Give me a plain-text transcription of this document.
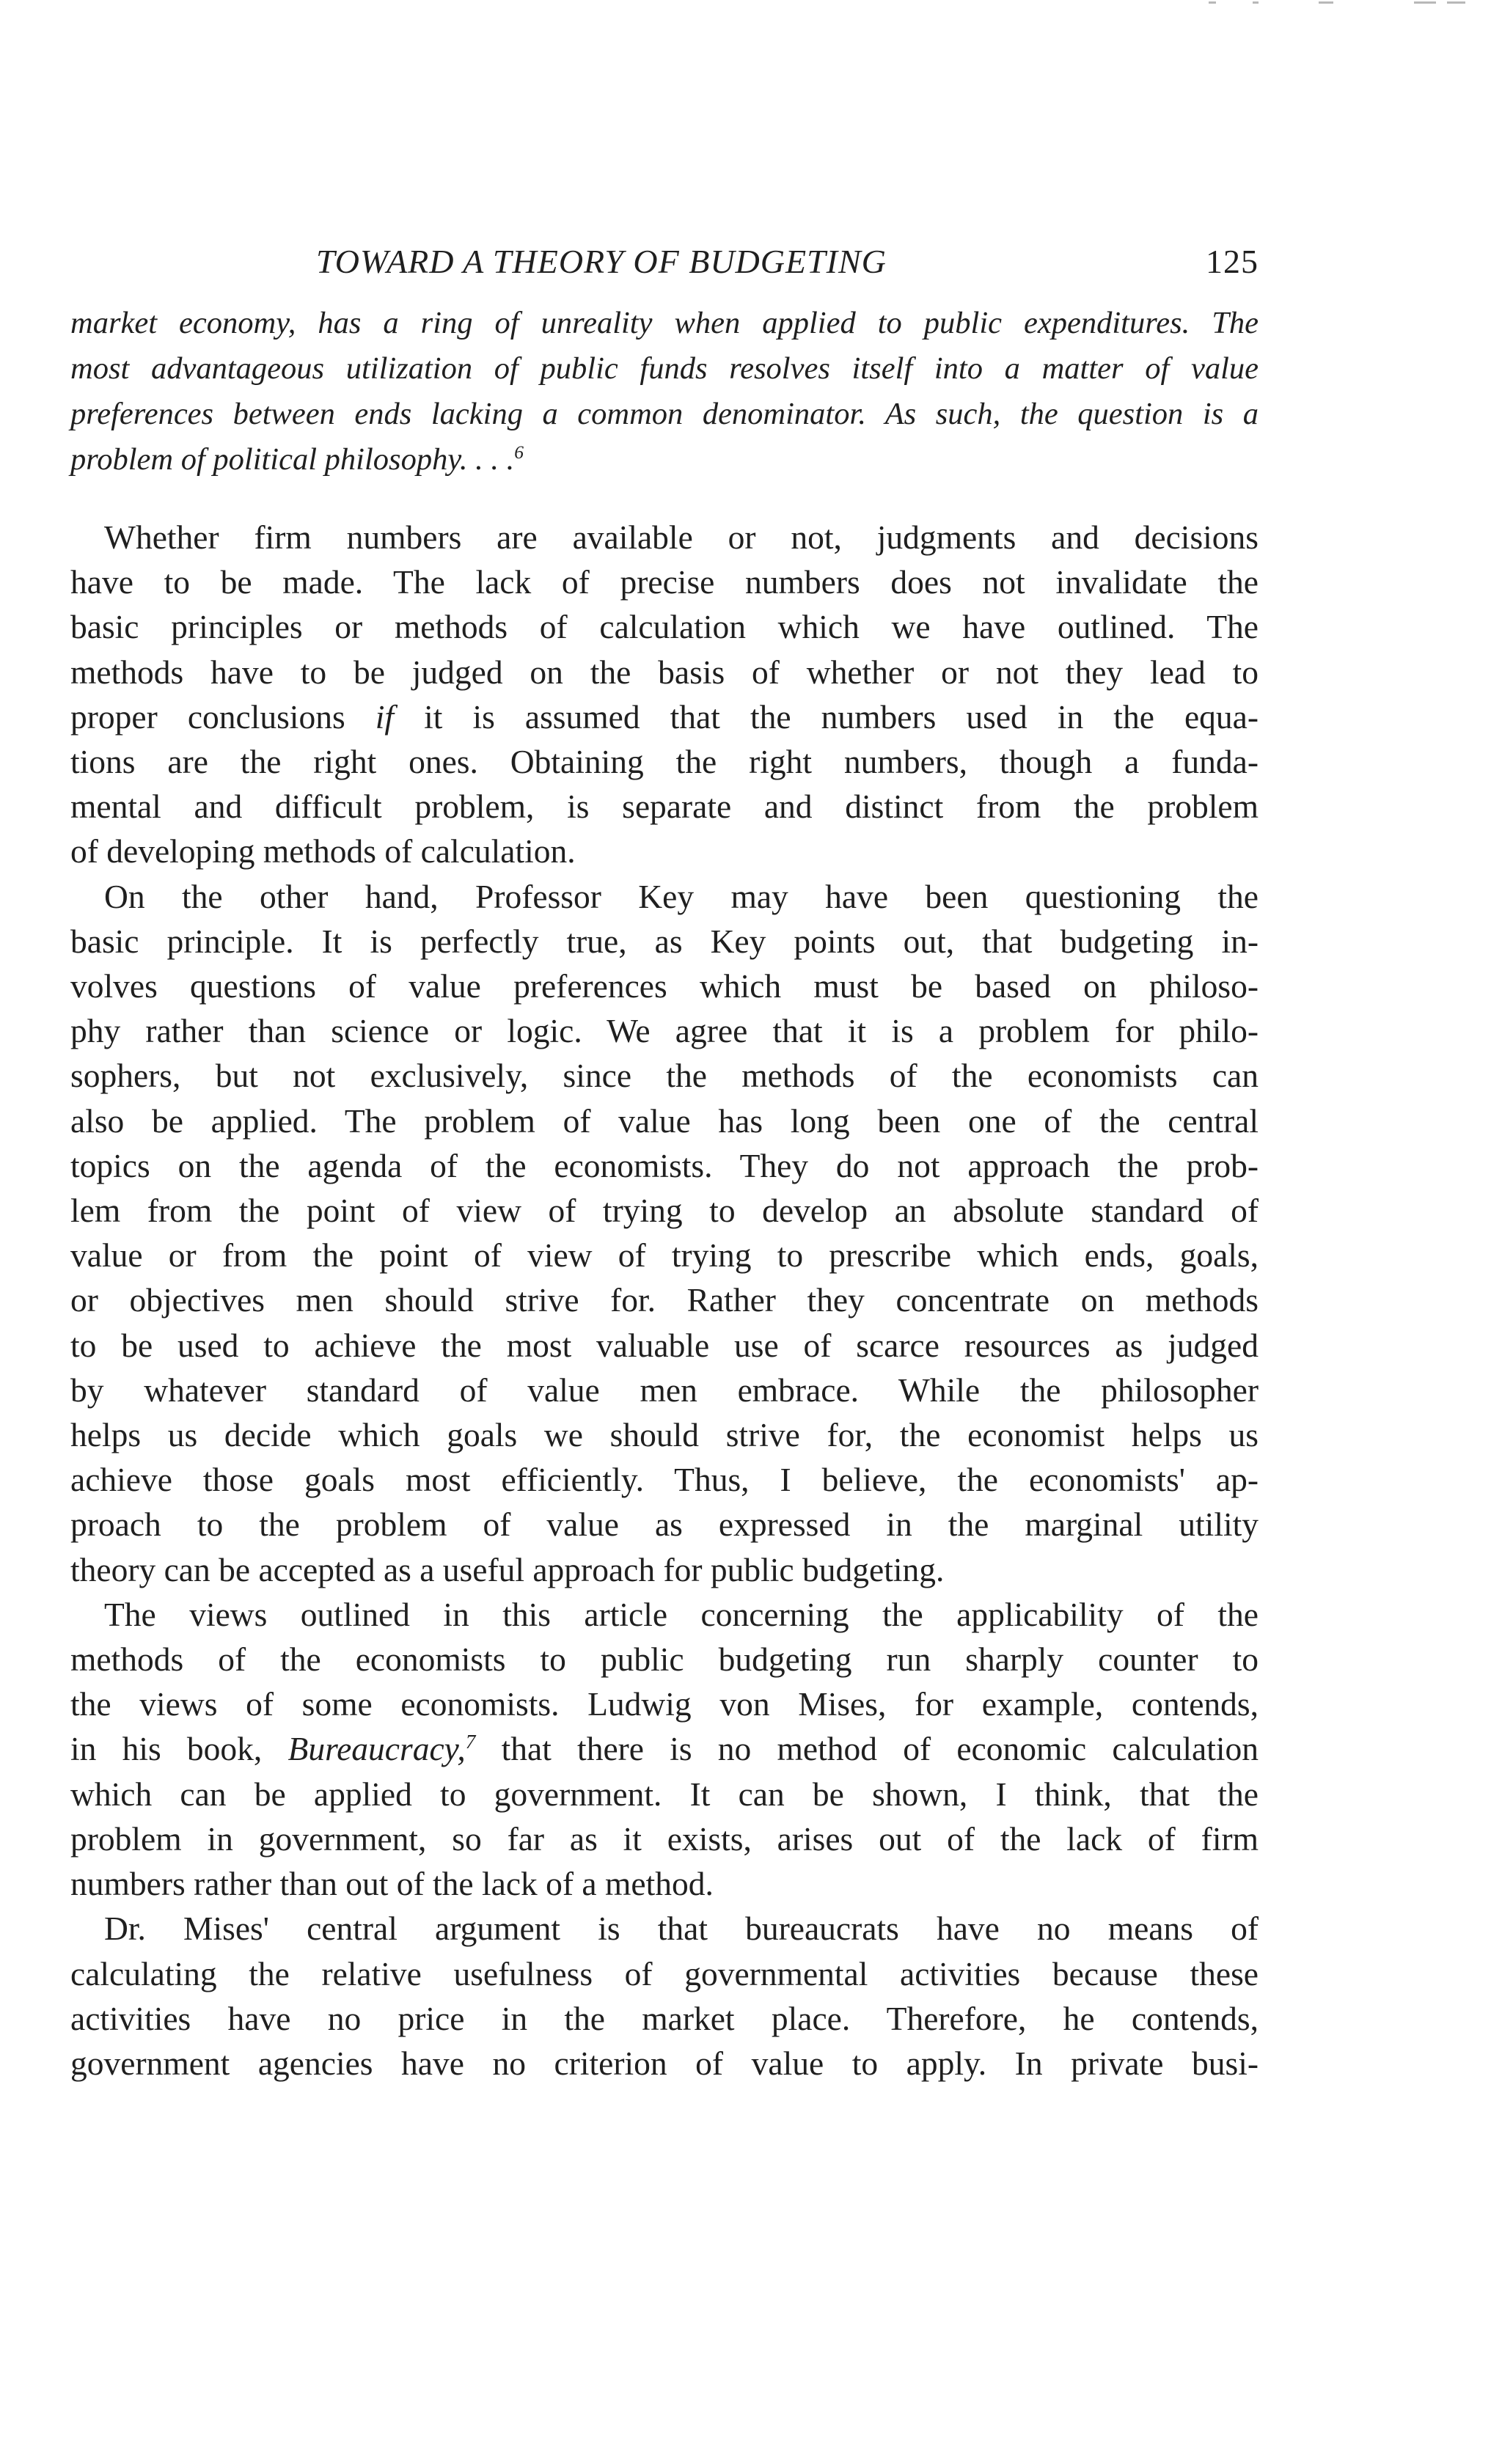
TOWARD A THEORY OF BUDGETING	125
market economy, has a ring of unreality when applied to public expenditures. The
most advantageous utilization of public funds resolves itself into a matter of value
preferences between ends lacking a common denominator. As such, the question is a
problem of political philosophy. . . .$^6$

Whether firm numbers are available or not, judgments and decisions
have to be made. The lack of precise numbers does not invalidate the
basic principles or methods of calculation which we have outlined. The
methods have to be judged on the basis of whether or not they lead to
proper conclusions if it is assumed that the numbers used in the equa-
tions are the right ones. Obtaining the right numbers, though a funda-
mental and difficult problem, is separate and distinct from the problem
of developing methods of calculation.

On the other hand, Professor Key may have been questioning the
basic principle. It is perfectly true, as Key points out, that budgeting in-
volves questions of value preferences which must be based on philoso-
phy rather than science or logic. We agree that it is a problem for philo-
sophers, but not exclusively, since the methods of the economists can
also be applied. The problem of value has long been one of the central
topics on the agenda of the economists. They do not approach the prob-
lem from the point of view of trying to develop an absolute standard of
value or from the point of view of trying to prescribe which ends, goals,
or objectives men should strive for. Rather they concentrate on methods
to be used to achieve the most valuable use of scarce resources as judged
by whatever standard of value men embrace. While the philosopher
helps us decide which goals we should strive for, the economist helps us
achieve those goals most efficiently. Thus, I believe, the economists' ap-
proach to the problem of value as expressed in the marginal utility
theory can be accepted as a useful approach for public budgeting.

The views outlined in this article concerning the applicability of the
methods of the economists to public budgeting run sharply counter to
the views of some economists. Ludwig von Mises, for example, contends,
in his book, Bureaucracy,$^7$ that there is no method of economic calculation
which can be applied to government. It can be shown, I think, that the
problem in government, so far as it exists, arises out of the lack of firm
numbers rather than out of the lack of a method.

Dr. Mises' central argument is that bureaucrats have no means of
calculating the relative usefulness of governmental activities because these
activities have no price in the market place. Therefore, he contends,
government agencies have no criterion of value to apply. In private busi-
